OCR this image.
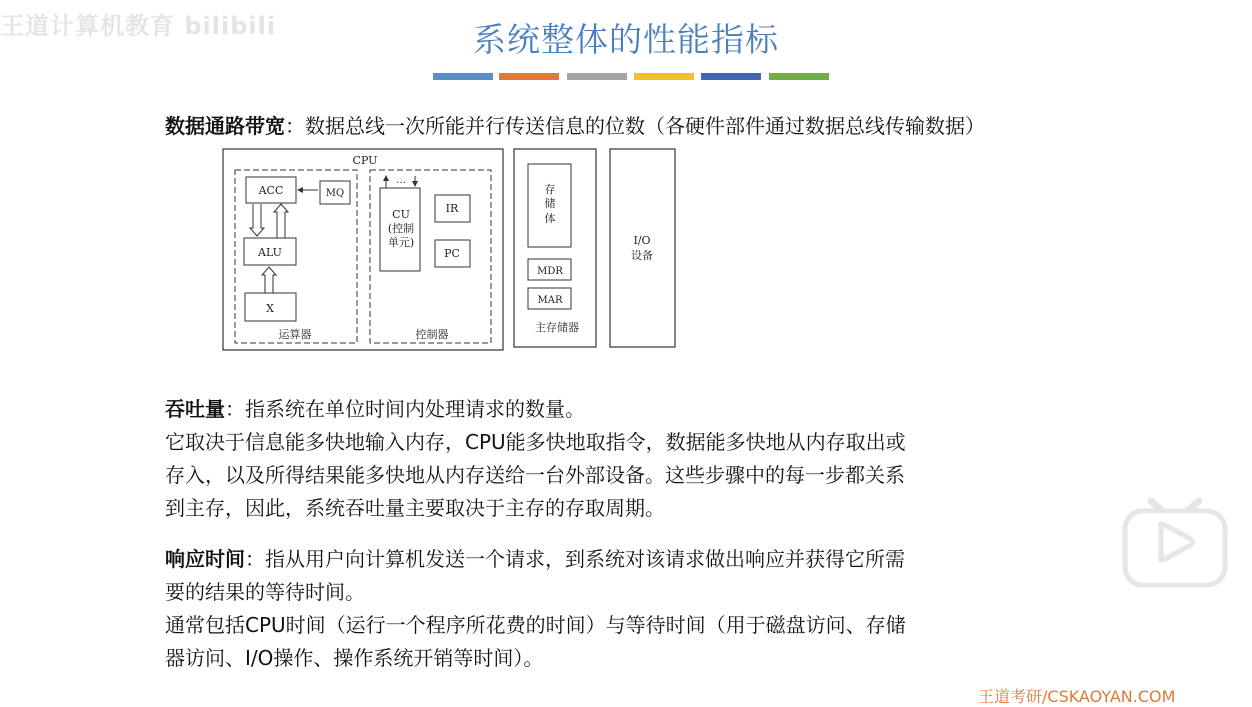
王道计算机教育 bilibili	系统整体的性能指标
数据通路带宽：数据总线一次所能并行传送信息的位数（各硬件部件通过数据总线传输数据）
CPU
ACC	MQ
ALU
X
运算器
…
CU
(控制
单元)
IR
PC
控制器
存
储
体
MDR
MAR
主存储器
I/O
设备
吞吐量：指系统在单位时间内处理请求的数量。
它取决于信息能多快地输入内存，CPU能多快地取指令，数据能多快地从内存取出或
存入，以及所得结果能多快地从内存送给一台外部设备。这些步骤中的每一步都关系
到主存，因此，系统吞吐量主要取决于主存的存取周期。
响应时间：指从用户向计算机发送一个请求，到系统对该请求做出响应并获得它所需
要的结果的等待时间。
通常包括CPU时间（运行一个程序所花费的时间）与等待时间（用于磁盘访问、存储
器访问、I/O操作、操作系统开销等时间）。
王道考研/CSKAOYAN.COM
